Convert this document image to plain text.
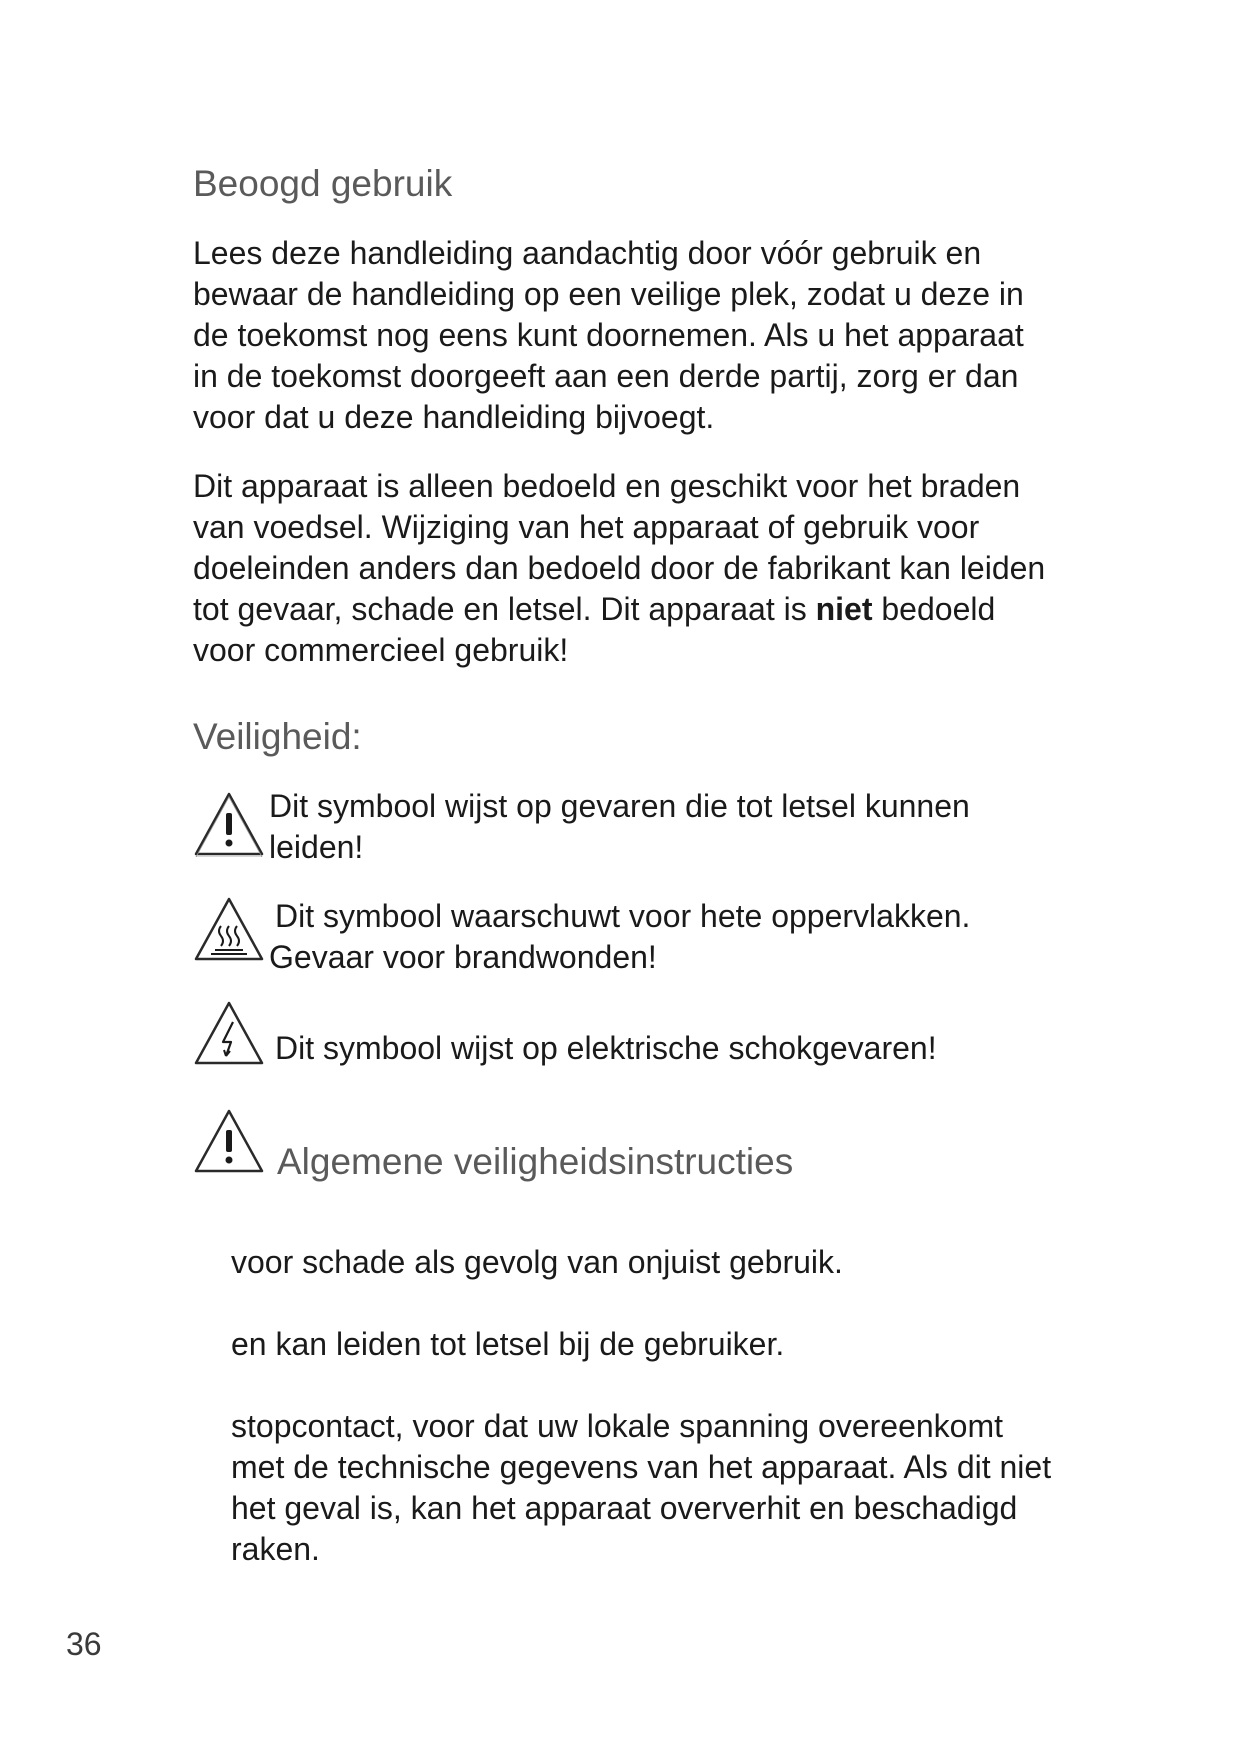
Beoogd gebruik
Lees deze handleiding aandachtig door vóór gebruik en
bewaar de handleiding op een veilige plek, zodat u deze in
de toekomst nog eens kunt doornemen. Als u het apparaat
in de toekomst doorgeeft aan een derde partij, zorg er dan
voor dat u deze handleiding bijvoegt.
Dit apparaat is alleen bedoeld en geschikt voor het braden
van voedsel. Wijziging van het apparaat of gebruik voor
doeleinden anders dan bedoeld door de fabrikant kan leiden
tot gevaar, schade en letsel. Dit apparaat is niet bedoeld
voor commercieel gebruik!
Veiligheid:
Dit symbool wijst op gevaren die tot letsel kunnen
leiden!
Dit symbool waarschuwt voor hete oppervlakken.
Gevaar voor brandwonden!
Dit symbool wijst op elektrische schokgevaren!
Algemene veiligheidsinstructies
voor schade als gevolg van onjuist gebruik.
en kan leiden tot letsel bij de gebruiker.
stopcontact, voor dat uw lokale spanning overeenkomt
met de technische gegevens van het apparaat. Als dit niet
het geval is, kan het apparaat oververhit en beschadigd
raken.
36
